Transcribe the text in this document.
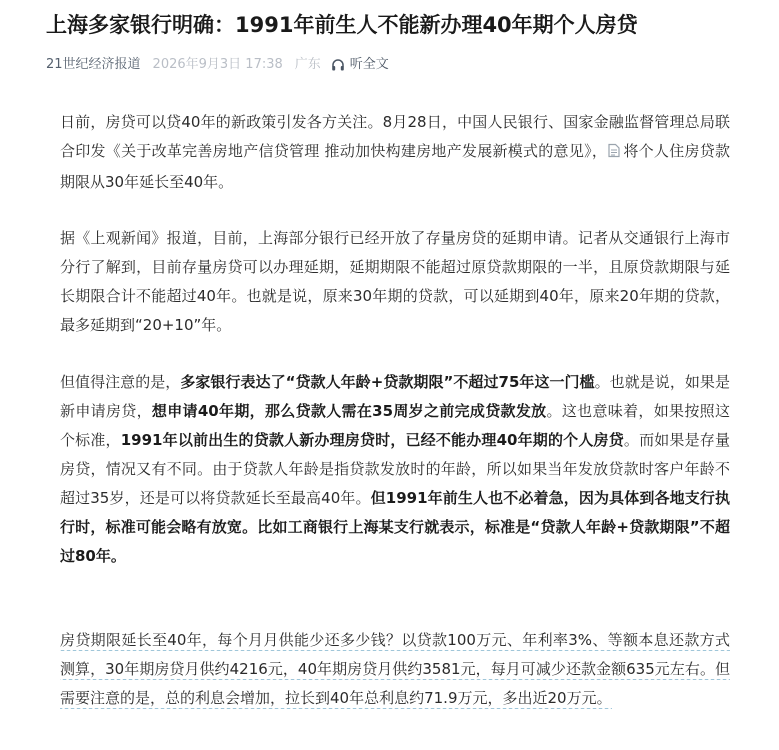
上海多家银行明确：1991年前生人不能新办理40年期个人房贷
21世纪经济报道 2026年9月3日 17:38 广东 听全文

日前，房贷可以贷40年的新政策引发各方关注。8月28日，中国人民银行、国家金融监督管理总局联合印发《关于改革完善房地产信贷管理 推动加快构建房地产发展新模式的意见》， 将个人住房贷款期限从30年延长至40年。

据《上观新闻》报道，目前，上海部分银行已经开放了存量房贷的延期申请。记者从交通银行上海市分行了解到，目前存量房贷可以办理延期，延期期限不能超过原贷款期限的一半，且原贷款期限与延长期限合计不能超过40年。也就是说，原来30年期的贷款，可以延期到40年，原来20年期的贷款，最多延期到“20+10”年。

但值得注意的是，多家银行表达了“贷款人年龄+贷款期限”不超过75年这一门槛。也就是说，如果是新申请房贷，想申请40年期，那么贷款人需在35周岁之前完成贷款发放。这也意味着，如果按照这个标准，1991年以前出生的贷款人新办理房贷时，已经不能办理40年期的个人房贷。而如果是存量房贷，情况又有不同。由于贷款人年龄是指贷款发放时的年龄，所以如果当年发放贷款时客户年龄不超过35岁，还是可以将贷款延长至最高40年。但1991年前生人也不必着急，因为具体到各地支行执行时，标准可能会略有放宽。比如工商银行上海某支行就表示，标准是“贷款人年龄+贷款期限”不超过80年。

房贷期限延长至40年，每个月月供能少还多少钱？以贷款100万元、年利率3%、等额本息还款方式测算，30年期房贷月供约4216元，40年期房贷月供约3581元，每月可减少还款金额635元左右。但需要注意的是，总的利息会增加，拉长到40年总利息约71.9万元，多出近20万元。
